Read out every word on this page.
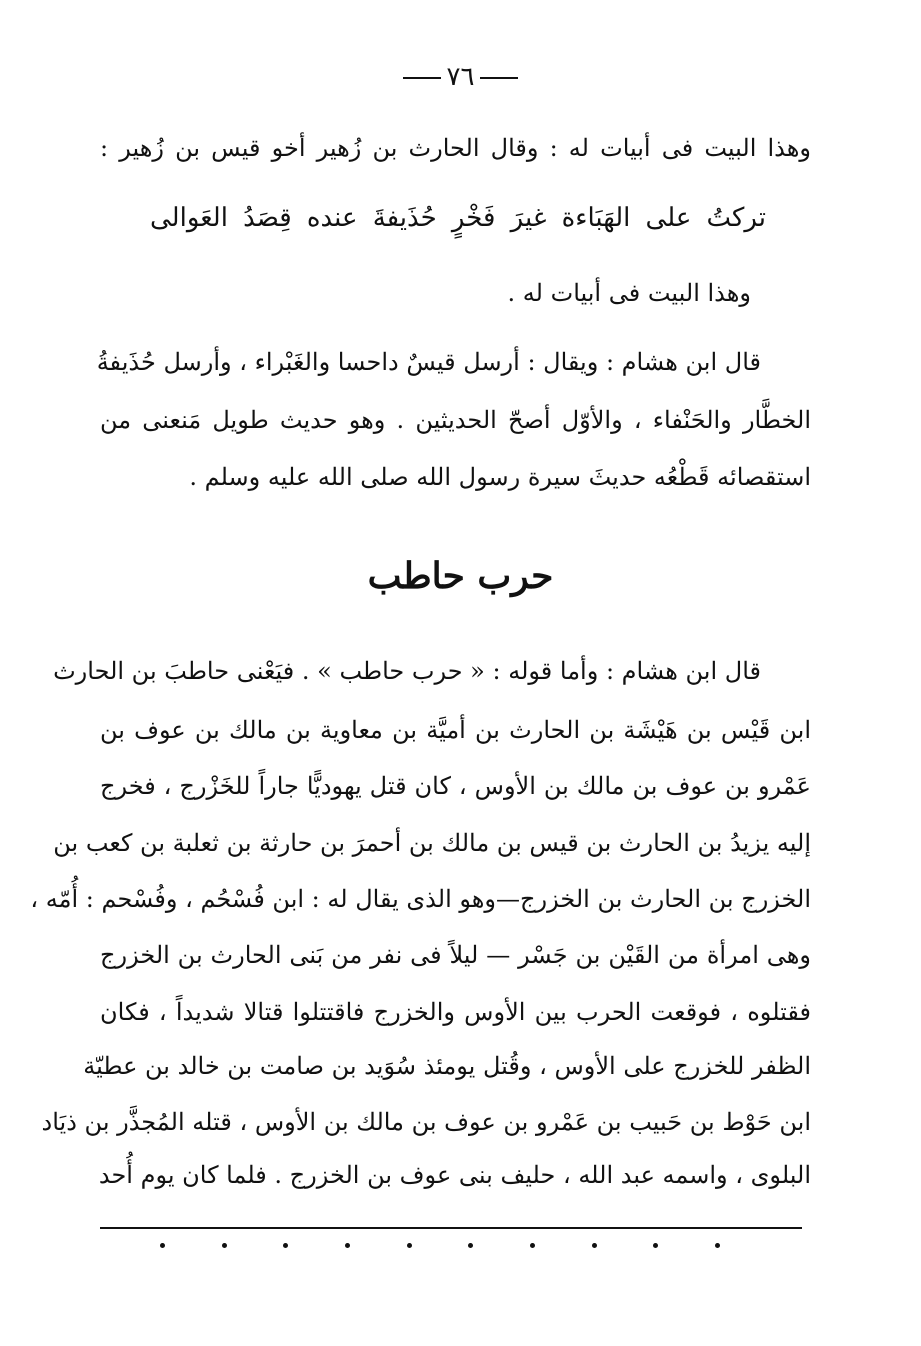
٧٦
وهذا البيت فى أبيات له : وقال الحارث بن زُهير أخو قيس بن زُهير :
تركتُ على الهَبَاءة غيرَ فَخْرٍ حُذَيفةَ عنده قِصَدُ العَوالى
وهذا البيت فى أبيات له .
قال ابن هشام : ويقال : أرسل قيسٌ داحسا والغَبْراء ، وأرسل حُذَيفةُ
الخطَّار والحَنْفاء ، والأوّل أصحّ الحديثين . وهو حديث طويل مَنعنى من
استقصائه قَطْعُه حديثَ سيرة رسول الله صلى الله عليه وسلم .
حرب حاطب
قال ابن هشام : وأما قوله : « حرب حاطب » . فيَعْنى حاطبَ بن الحارث
ابن قَيْس بن هَيْشَة بن الحارث بن أميَّة بن معاوية بن مالك بن عوف بن
عَمْرو بن عوف بن مالك بن الأوس ، كان قتل يهوديًّا جاراً للخَزْرج ، فخرج
إليه يزيدُ بن الحارث بن قيس بن مالك بن أحمرَ بن حارثة بن ثعلبة بن كعب بن
الخزرج بن الحارث بن الخزرج—وهو الذى يقال له : ابن فُسْحُم ، وفُسْحم : أُمّه ،
وهى امرأة من القَيْن بن جَسْر — ليلاً فى نفر من بَنى الحارث بن الخزرج
فقتلوه ، فوقعت الحرب بين الأوس والخزرج فاقتتلوا قتالا شديداً ، فكان
الظفر للخزرج على الأوس ، وقُتل يومئذ سُوَيد بن صامت بن خالد بن عطيّة
ابن حَوْط بن حَبيب بن عَمْرو بن عوف بن مالك بن الأوس ، قتله المُجذَّر بن ذيَاد
البلوى ، واسمه عبد الله ، حليف بنى عوف بن الخزرج . فلما كان يوم أُحد
